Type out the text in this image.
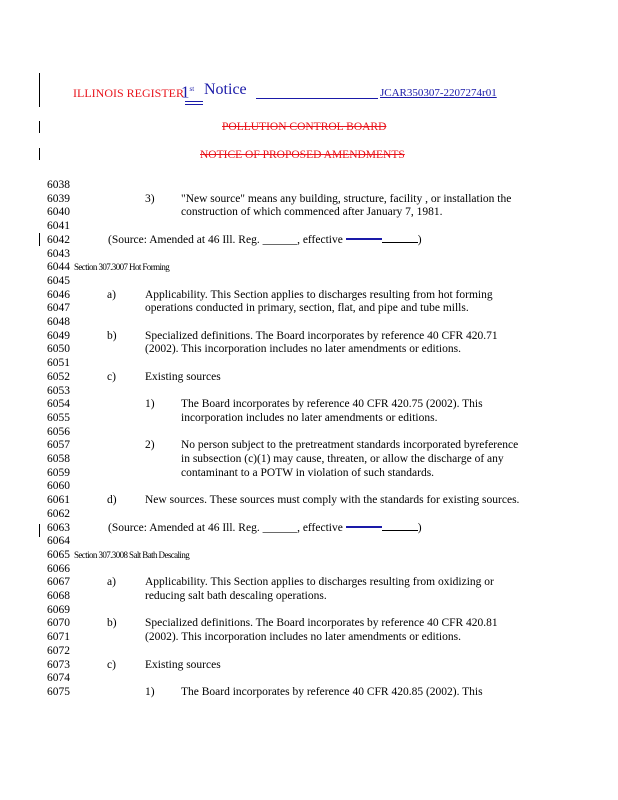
ILLINOIS REGISTER
1st Notice	JCAR350307-2207274r01
POLLUTION CONTROL BOARD
NOTICE OF PROPOSED AMENDMENTS
6038
6039	3) "New source" means any building, structure, facility , or installation the
6040	construction of which commenced after January 7, 1981.
6041
6042	(Source: Amended at 46 Ill. Reg. ______, effective	)
6043
6044 Section 307.3007 Hot Forming
6045
6046	a)	Applicability. This Section applies to discharges resulting from hot forming
6047	operations conducted in primary, section, flat, and pipe and tube mills.
6048
6049	b) Specialized definitions. The Board incorporates by reference 40 CFR 420.71
6050	(2002). This incorporation includes no later amendments or editions.
6051
6052	c)	Existing sources
6053
6054	1) The Board incorporates by reference 40 CFR 420.75 (2002). This
6055	incorporation includes no later amendments or editions.
6056
6057	2) No person subject to the pretreatment standards incorporated byreference
6058	in subsection (c)(1) may cause, threaten, or allow the discharge of any
6059	contaminant to a POTW in violation of such standards.
6060
6061	d) New sources. These sources must comply with the standards for existing sources.
6062
6063	(Source: Amended at 46 Ill. Reg. ______, effective	)
6064
6065 Section 307.3008 Salt Bath Descaling
6066
6067	a)	Applicability. This Section applies to discharges resulting from oxidizing or
6068	reducing salt bath descaling operations.
6069
6070	b) Specialized definitions. The Board incorporates by reference 40 CFR 420.81
6071	(2002). This incorporation includes no later amendments or editions.
6072
6073	c)	Existing sources
6074
6075	1) The Board incorporates by reference 40 CFR 420.85 (2002). This
